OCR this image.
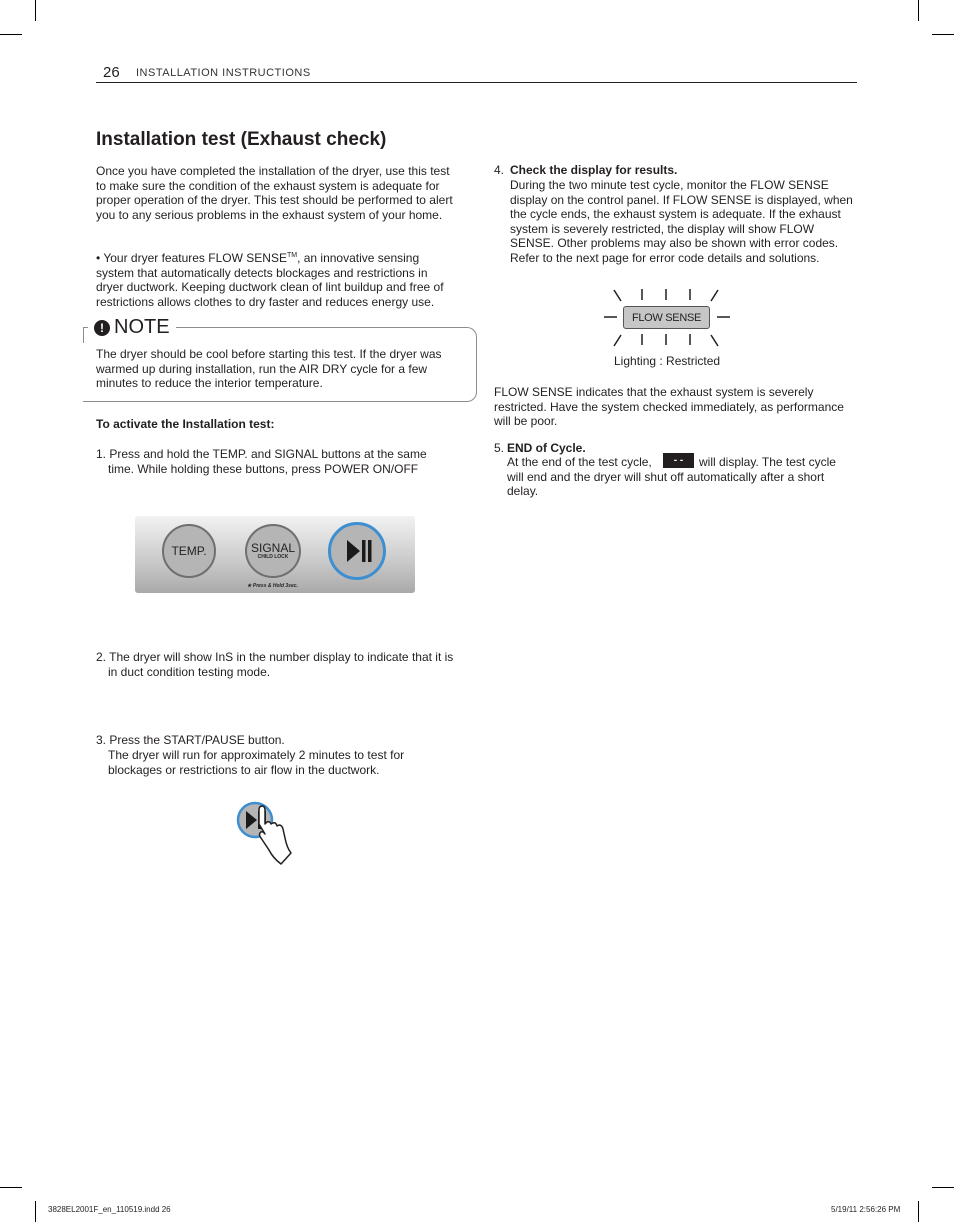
26 INSTALLATION INSTRUCTIONS
Installation test (Exhaust check)
Once you have completed the installation of the dryer, use this test to make sure the condition of the exhaust system is adequate for proper operation of the dryer. This test should be performed to alert you to any serious problems in the exhaust system of your home.
• Your dryer features FLOW SENSE™, an innovative sensing system that automatically detects blockages and restrictions in dryer ductwork. Keeping ductwork clean of lint buildup and free of restrictions allows clothes to dry faster and reduces energy use.
! NOTE
The dryer should be cool before starting this test. If the dryer was warmed up during installation, run the AIR DRY cycle for a few minutes to reduce the interior temperature.
To activate the Installation test:
1. Press and hold the TEMP. and SIGNAL buttons at the same time. While holding these buttons, press POWER ON/OFF
TEMP.	SIGNAL
CHILD LOCK
★ Press & Hold 3sec.
2. The dryer will show InS in the number display to indicate that it is in duct condition testing mode.
3. Press the START/PAUSE button.
The dryer will run for approximately 2 minutes to test for blockages or restrictions to air flow in the ductwork.
4. Check the display for results.
During the two minute test cycle, monitor the FLOW SENSE display on the control panel. If FLOW SENSE is displayed, when the cycle ends, the exhaust system is adequate. If the exhaust system is severely restricted, the display will show FLOW SENSE. Other problems may also be shown with error codes. Refer to the next page for error code details and solutions.
FLOW SENSE
Lighting : Restricted
FLOW SENSE indicates that the exhaust system is severely restricted. Have the system checked immediately, as performance will be poor.
5. END of Cycle.
At the end of the test cycle,	- -	will display. The test cycle will end and the dryer will shut off automatically after a short delay.
3828EL2001F_en_110519.indd 26	5/19/11 2:56:26 PM
